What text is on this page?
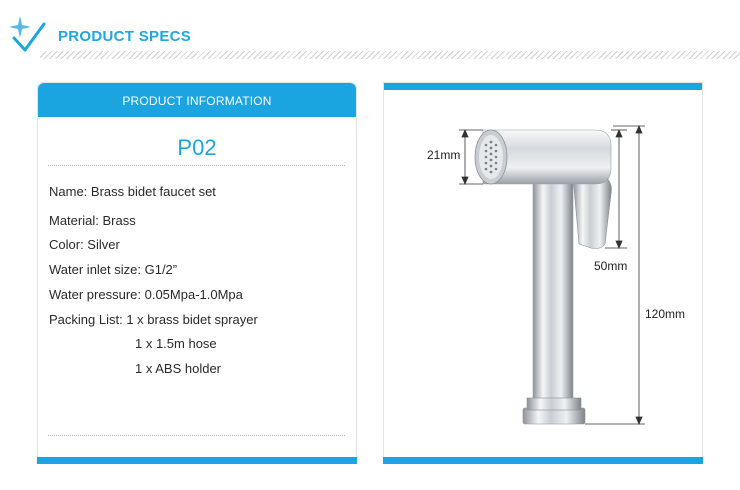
PRODUCT SPECS
PRODUCT INFORMATION
P02
Name: Brass bidet faucet set
Material: Brass
Color: Silver
Water inlet size: G1/2”
Water pressure: 0.05Mpa-1.0Mpa
Packing List: 1 x brass bidet sprayer
1 x 1.5m hose
1 x ABS holder
21mm
50mm
120mm
